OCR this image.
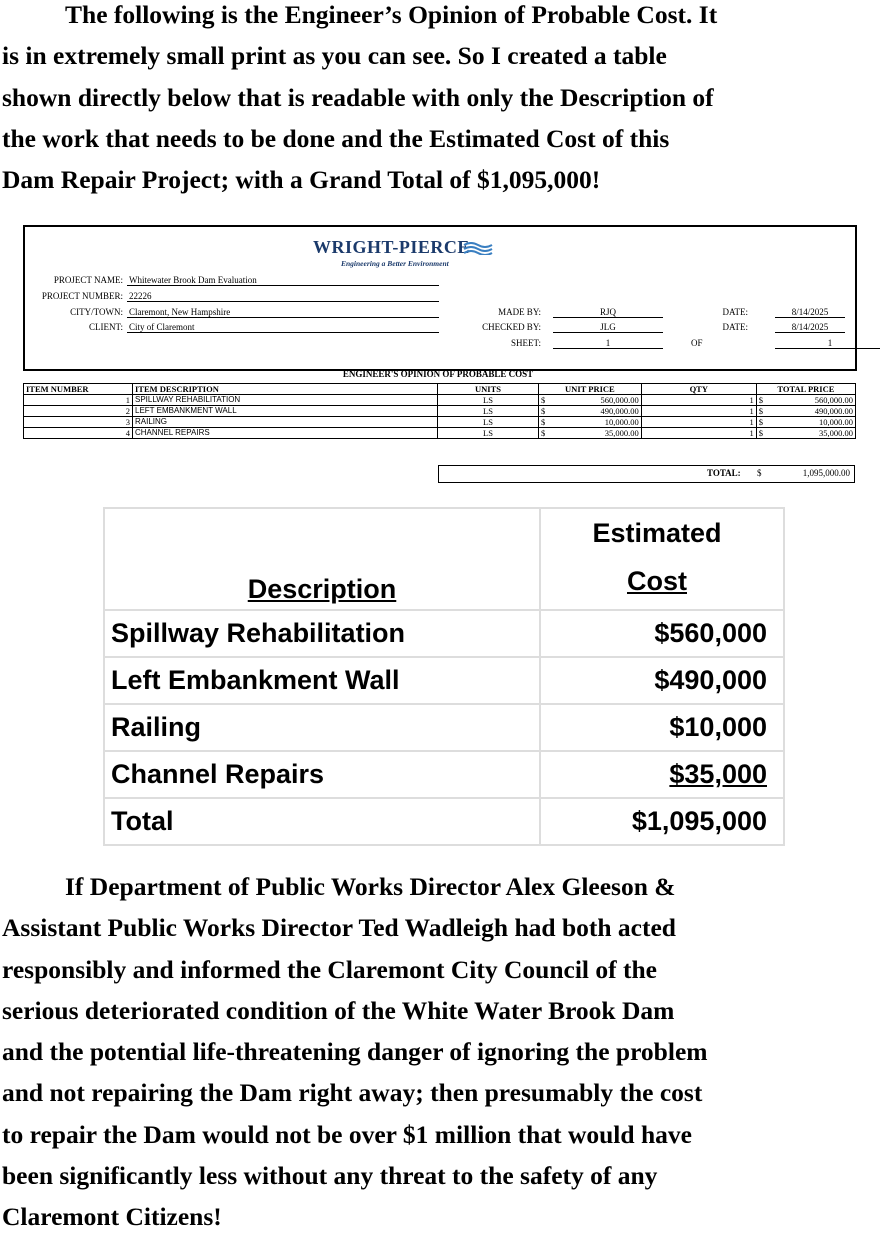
The following is the Engineer’s Opinion of Probable Cost. It
is in extremely small print as you can see. So I created a table
shown directly below that is readable with only the Description of
the work that needs to be done and the Estimated Cost of this
Dam Repair Project; with a Grand Total of $1,095,000!
WRIGHT-PIERCE
Engineering a Better Environment
PROJECT NAME: Whitewater Brook Dam Evaluation
PROJECT NUMBER: 22226
CITY/TOWN: Claremont, New Hampshire
CLIENT: City of Claremont
MADE BY:	RJQ
CHECKED BY:	JLG
SHEET:	1	OF	1
DATE:	8/14/2025
DATE:	8/14/2025
ENGINEER'S OPINION OF PROBABLE COST
ITEM NUMBER	ITEM DESCRIPTION	UNITS	UNIT PRICE		QTY	TOTAL PRICE	
1	SPILLWAY REHABILITATION	LS	$	560,000.00	1	$	560,000.00
2	LEFT EMBANKMENT WALL	LS	$	490,000.00	1	$	490,000.00
3	RAILING	LS	$	10,000.00	1	$	10,000.00
4	CHANNEL REPAIRS	LS	$	35,000.00	1	$	35,000.00
TOTAL: $	1,095,000.00
Description	Estimated
Cost
Spillway Rehabilitation	$560,000
Left Embankment Wall	$490,000
Railing	$10,000
Channel Repairs	$35,000
Total	$1,095,000
If Department of Public Works Director Alex Gleeson &
Assistant Public Works Director Ted Wadleigh had both acted
responsibly and informed the Claremont City Council of the
serious deteriorated condition of the White Water Brook Dam
and the potential life-threatening danger of ignoring the problem
and not repairing the Dam right away; then presumably the cost
to repair the Dam would not be over $1 million that would have
been significantly less without any threat to the safety of any
Claremont Citizens!
